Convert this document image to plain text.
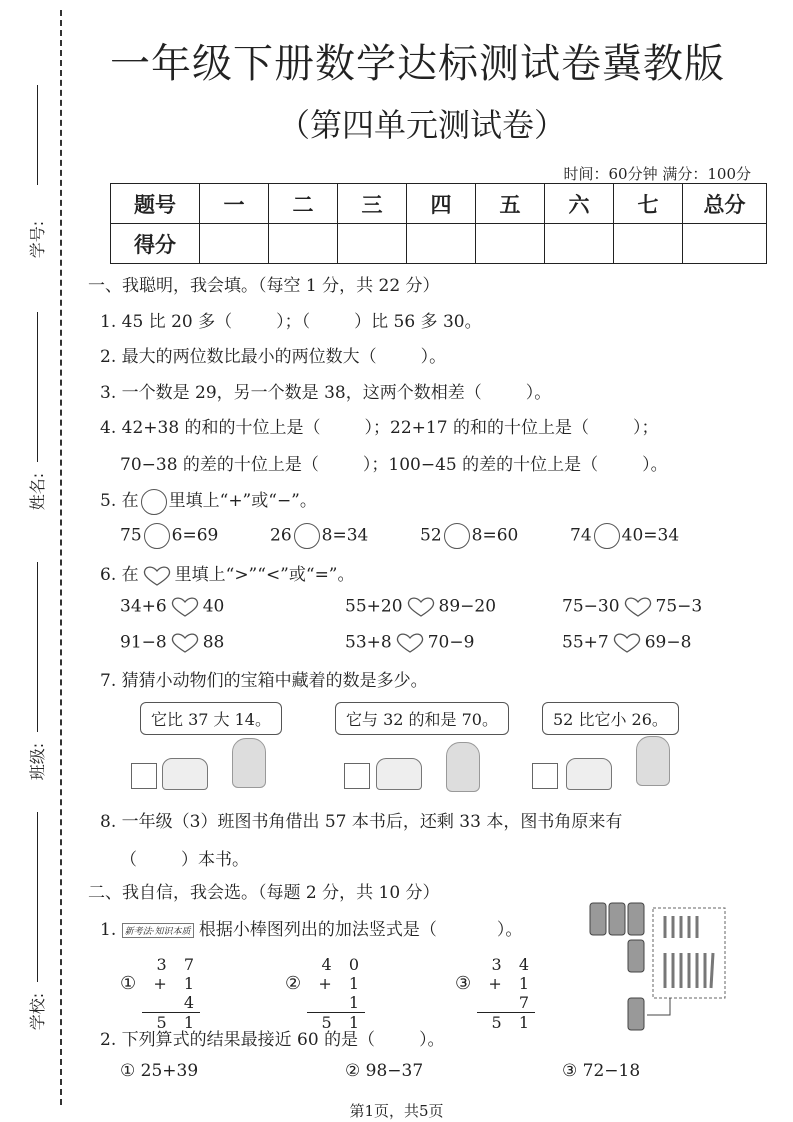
学号:
姓名:
班级:
学校:
一年级下册数学达标测试卷冀教版
（第四单元测试卷）
时间：60分钟 满分：100分
题号	一	二	三	四	五	六	七	总分
得分								
一、我聪明，我会填。（每空 1 分，共 22 分）
1. 45 比 20 多（	）；（	）比 56 多 30。
2. 最大的两位数比最小的两位数大（	）。
3. 一个数是 29，另一个数是 38，这两个数相差（	）。
4. 42+38 的和的十位上是（	）；22+17 的和的十位上是（	）；
70−38 的差的十位上是（	）；100−45 的差的十位上是（	）。
5. 在 里填上“+”或“−”。
75 6=69	26 8=34	52 8=60	74 40=34
6. 在 里填上“>”“<”或“=”。
34+6 40	55+20 89−20	75−30 75−3
91−8 88	53+8 70−9	55+7 69−8
7. 猜猜小动物们的宝箱中藏着的数是多少。
它比 37 大 14。	它与 32 的和是 70。	52 比它小 26。
8. 一年级（3）班图书角借出 57 本书后，还剩 33 本，图书角原来有
（	）本书。
二、我自信，我会选。（每题 2 分，共 10 分）
1. 新考法·知识本质 根据小棒图列出的加法竖式是（	）。
①
3 7
+ 1 4
5 1
②
4 0
+ 1 1
5 1
③
3 4
+ 1 7
5 1
2. 下列算式的结果最接近 60 的是（	）。
① 25+39	② 98−37	③ 72−18
第1页，共5页
